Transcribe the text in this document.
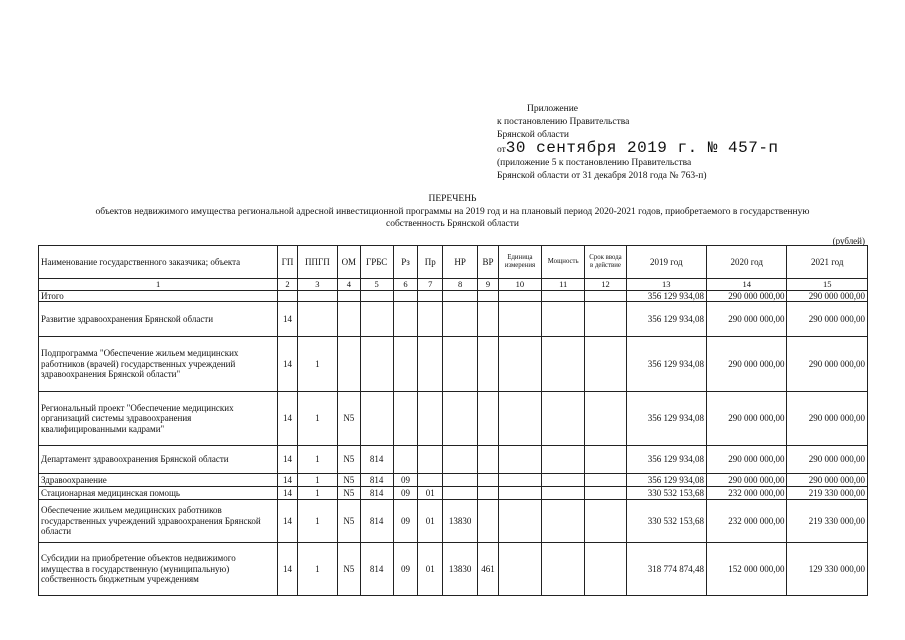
Приложение
к постановлению Правительства
Брянской области
от30 сентября 2019 г. № 457-п
(приложение 5 к постановлению Правительства
Брянской области от 31 декабря 2018 года № 763-п)
ПЕРЕЧЕНЬ
объектов недвижимого имущества региональной адресной инвестиционной программы на 2019 год и на плановый период 2020-2021 годов, приобретаемого в государственную
собственность Брянской области
(рублей)
Наименование государственного заказчика; объекта	ГП	ППГП	ОМ	ГРБС	Рз	Пр	НР	ВР	Единица измерения	Мощность	Срок ввода в действие	2019 год	2020 год	2021 год
1	2	3	4	5	6	7	8	9	10	11	12	13	14	15
Итого												356 129 934,08	290 000 000,00	290 000 000,00
Развитие здравоохранения Брянской области	14											356 129 934,08	290 000 000,00	290 000 000,00
Подпрограмма "Обеспечение жильем медицинских работников (врачей) государственных учреждений здравоохранения Брянской области"	14	1										356 129 934,08	290 000 000,00	290 000 000,00
Региональный проект "Обеспечение медицинских организаций системы здравоохранения квалифицированными кадрами"	14	1	N5									356 129 934,08	290 000 000,00	290 000 000,00
Департамент здравоохранения Брянской области	14	1	N5	814								356 129 934,08	290 000 000,00	290 000 000,00
Здравоохранение	14	1	N5	814	09							356 129 934,08	290 000 000,00	290 000 000,00
Стационарная медицинская помощь	14	1	N5	814	09	01						330 532 153,68	232 000 000,00	219 330 000,00
Обеспечение жильем медицинских работников государственных учреждений здравоохранения Брянской области	14	1	N5	814	09	01	13830					330 532 153,68	232 000 000,00	219 330 000,00
Субсидии на приобретение объектов недвижимого имущества в государственную (муниципальную) собственность бюджетным учреждениям	14	1	N5	814	09	01	13830	461				318 774 874,48	152 000 000,00	129 330 000,00
